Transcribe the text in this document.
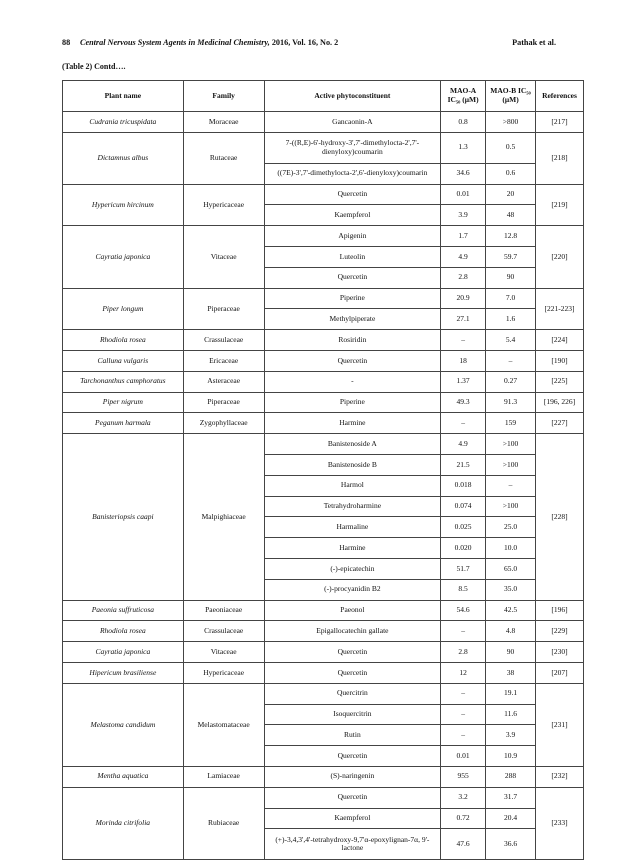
88 Central Nervous System Agents in Medicinal Chemistry, 2016, Vol. 16, No. 2	Pathak et al.
(Table 2) Contd….
Plant name	Family	Active phytoconstituent	MAO-A IC₅₀ (μM)	MAO-B IC₅₀ (μM)	References
Cudrania tricuspidata	Moraceae	Gancaonin-A	0.8	>800	[217]
Dictamnus albus	Rutaceae	7-((R,E)-6'-hydroxy-3',7'-dimethylocta-2',7'-dienyloxy)coumarin	1.3	0.5	[218]
		((7E)-3',7'-dimethylocta-2',6'-dienyloxy)coumarin	34.6	0.6	
Hypericum hircinum	Hypericaceae	Quercetin	0.01	20	[219]
		Kaempferol	3.9	48	
Cayratia japonica	Vitaceae	Apigenin	1.7	12.8	[220]
		Luteolin	4.9	59.7	
		Quercetin	2.8	90	
Piper longum	Piperaceae	Piperine	20.9	7.0	[221-223]
		Methylpiperate	27.1	1.6	
Rhodiola rosea	Crassulaceae	Rosiridin	–	5.4	[224]
Calluna vulgaris	Ericaceae	Quercetin	18	–	[190]
Tarchonanthus camphoratus	Asteraceae	-	1.37	0.27	[225]
Piper nigrum	Piperaceae	Piperine	49.3	91.3	[196, 226]
Peganum harmala	Zygophyllaceae	Harmine	–	159	[227]
Banisteriopsis caapi	Malpighiaceae	Banistenoside A	4.9	>100	[228]
		Banistenoside B	21.5	>100	
		Harmol	0.018	–	
		Tetrahydroharmine	0.074	>100	
		Harmaline	0.025	25.0	
		Harmine	0.020	10.0	
		(-)-epicatechin	51.7	65.0	
		(-)-procyanidin B2	8.5	35.0	
Paeonia suffruticosa	Paeoniaceae	Paeonol	54.6	42.5	[196]
Rhodiola rosea	Crassulaceae	Epigallocatechin gallate	–	4.8	[229]
Cayratia japonica	Vitaceae	Quercetin	2.8	90	[230]
Hipericum brasiliense	Hypericaceae	Quercetin	12	38	[207]
Melastoma candidum	Melastomataceae	Quercitrin	–	19.1	[231]
		Isoquercitrin	–	11.6	
		Rutin	–	3.9	
		Quercetin	0.01	10.9	
Mentha aquatica	Lamiaceae	(S)-naringenin	955	288	[232]
Morinda citrifolia	Rubiaceae	Quercetin	3.2	31.7	[233]
		Kaempferol	0.72	20.4	
		(+)-3,4,3',4'-tetrahydroxy-9,7'α-epoxylignan-7α, 9'-lactone	47.6	36.6	
